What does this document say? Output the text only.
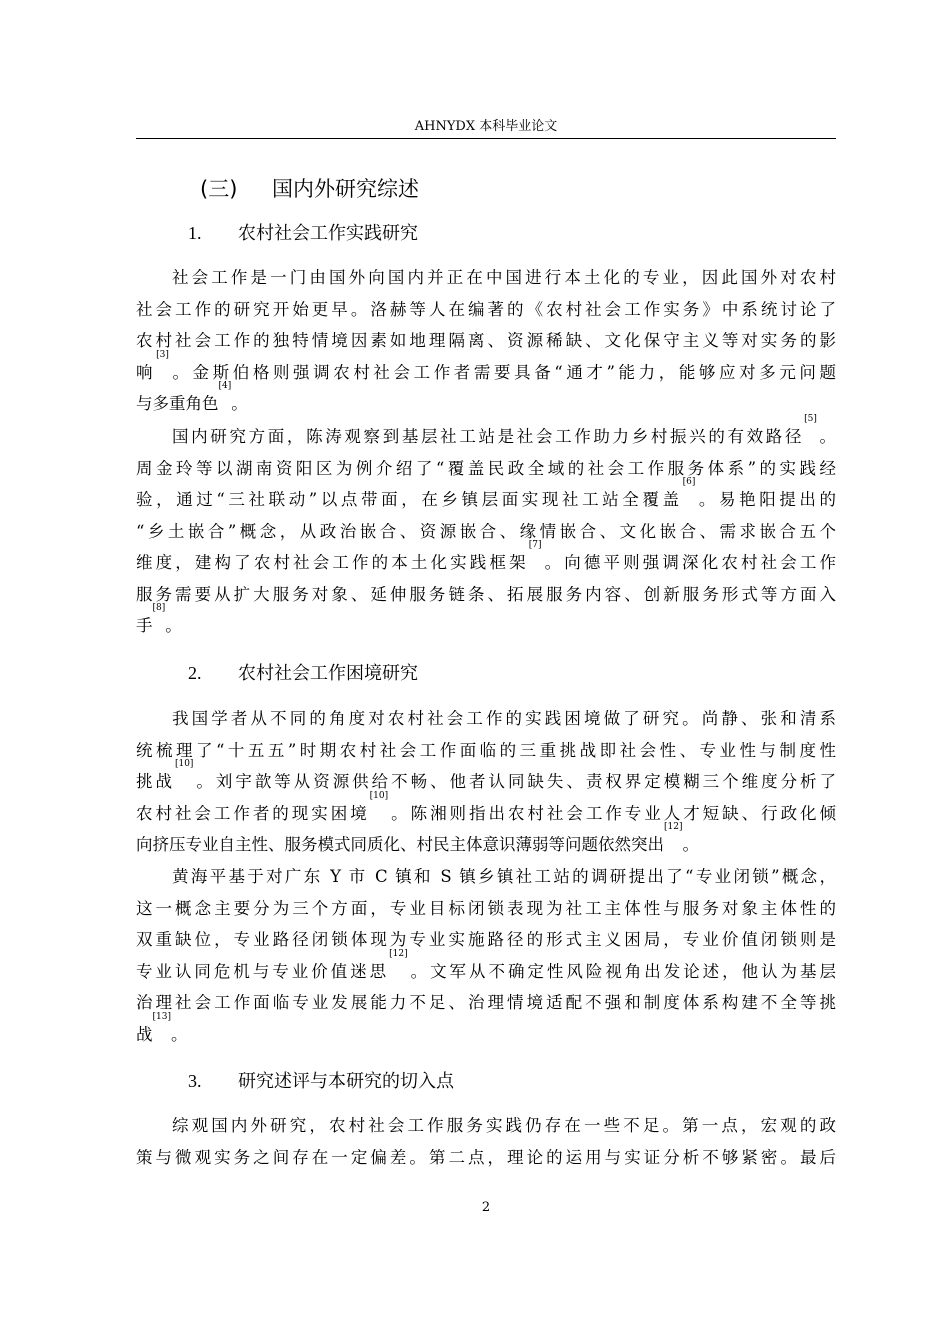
AHNYDX 本科毕业论文
(三) 国内外研究综述
1. 农村社会工作实践研究
社会工作是一门由国外向国内并正在中国进行本土化的专业，因此国外对农村
社会工作的研究开始更早。洛赫等人在编著的《农村社会工作实务》中系统讨论了
农村社会工作的独特情境因素如地理隔离、资源稀缺、文化保守主义等对实务的影
响[3]。金斯伯格则强调农村社会工作者需要具备“通才”能力，能够应对多元问题
与多重角色[4]。
国内研究方面，陈涛观察到基层社工站是社会工作助力乡村振兴的有效路径[5]。
周金玲等以湖南资阳区为例介绍了“覆盖民政全域的社会工作服务体系”的实践经
验，通过“三社联动”以点带面，在乡镇层面实现社工站全覆盖[6]。易艳阳提出的
“乡土嵌合”概念，从政治嵌合、资源嵌合、缘情嵌合、文化嵌合、需求嵌合五个
维度，建构了农村社会工作的本土化实践框架[7]。向德平则强调深化农村社会工作
服务需要从扩大服务对象、延伸服务链条、拓展服务内容、创新服务形式等方面入
手[8]。
2. 农村社会工作困境研究
我国学者从不同的角度对农村社会工作的实践困境做了研究。尚静、张和清系
统梳理了“十五五”时期农村社会工作面临的三重挑战即社会性、专业性与制度性
挑战[10]。刘宇歆等从资源供给不畅、他者认同缺失、责权界定模糊三个维度分析了
农村社会工作者的现实困境[10]。陈湘则指出农村社会工作专业人才短缺、行政化倾
向挤压专业自主性、服务模式同质化、村民主体意识薄弱等问题依然突出[12]。
黄海平基于对广东 Y 市 C 镇和 S 镇乡镇社工站的调研提出了“专业闭锁”概念，
这一概念主要分为三个方面，专业目标闭锁表现为社工主体性与服务对象主体性的
双重缺位，专业路径闭锁体现为专业实施路径的形式主义困局，专业价值闭锁则是
专业认同危机与专业价值迷思[12]。文军从不确定性风险视角出发论述，他认为基层
治理社会工作面临专业发展能力不足、治理情境适配不强和制度体系构建不全等挑
战[13]。
3. 研究述评与本研究的切入点
综观国内外研究，农村社会工作服务实践仍存在一些不足。第一点，宏观的政
策与微观实务之间存在一定偏差。第二点，理论的运用与实证分析不够紧密。最后
2
